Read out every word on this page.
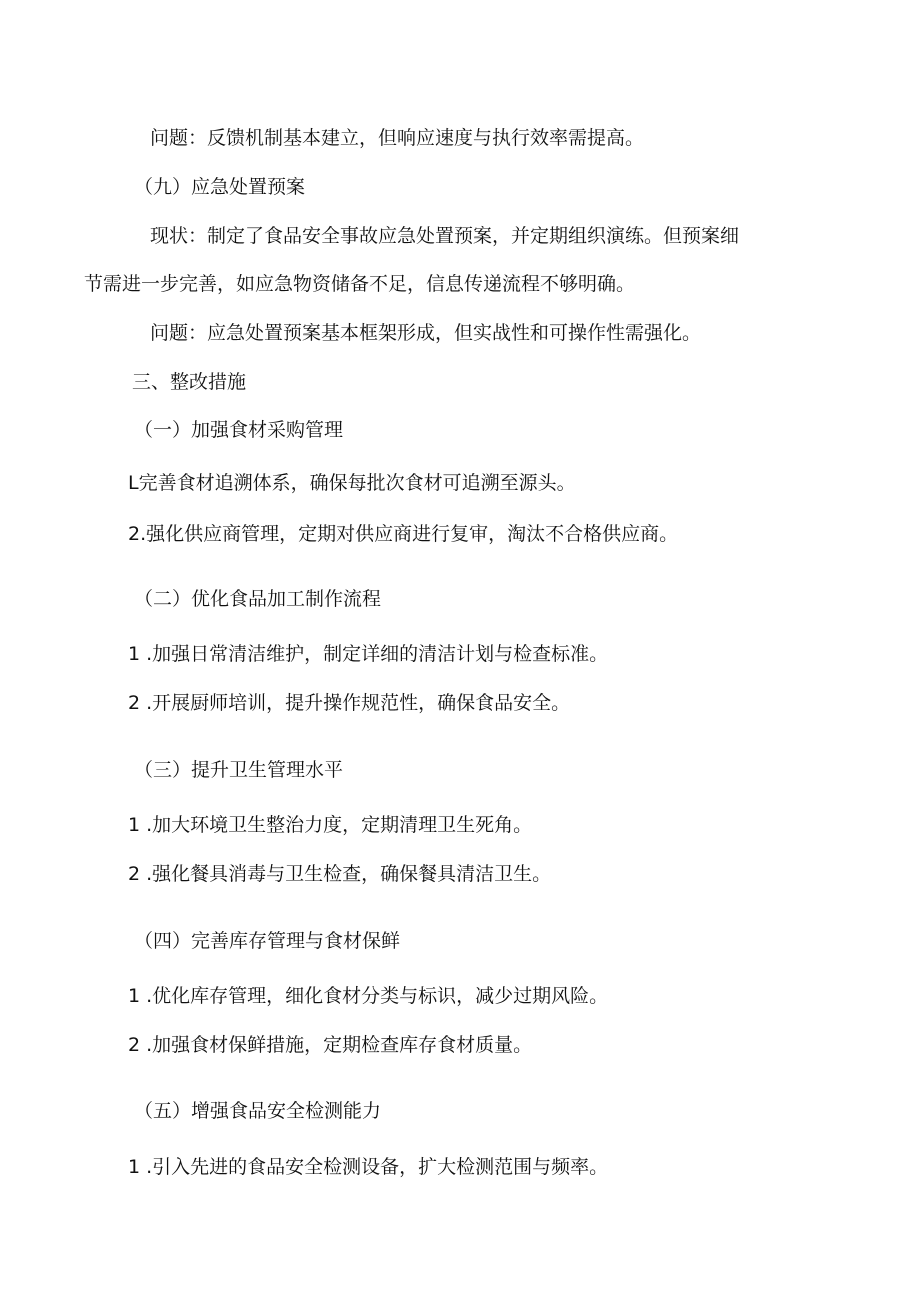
问题：反馈机制基本建立，但响应速度与执行效率需提高。

（九）应急处置预案

现状：制定了食品安全事故应急处置预案，并定期组织演练。但预案细

节需进一步完善，如应急物资储备不足，信息传递流程不够明确。

问题：应急处置预案基本框架形成，但实战性和可操作性需强化。

三、整改措施

（一）加强食材采购管理

L完善食材追溯体系，确保每批次食材可追溯至源头。

2.强化供应商管理，定期对供应商进行复审，淘汰不合格供应商。

（二）优化食品加工制作流程

1 .加强日常清洁维护，制定详细的清洁计划与检查标准。

2 .开展厨师培训，提升操作规范性，确保食品安全。

（三）提升卫生管理水平

1 .加大环境卫生整治力度，定期清理卫生死角。

2 .强化餐具消毒与卫生检查，确保餐具清洁卫生。

（四）完善库存管理与食材保鲜

1 .优化库存管理，细化食材分类与标识，减少过期风险。

2 .加强食材保鲜措施，定期检查库存食材质量。

（五）增强食品安全检测能力

1 .引入先进的食品安全检测设备，扩大检测范围与频率。
